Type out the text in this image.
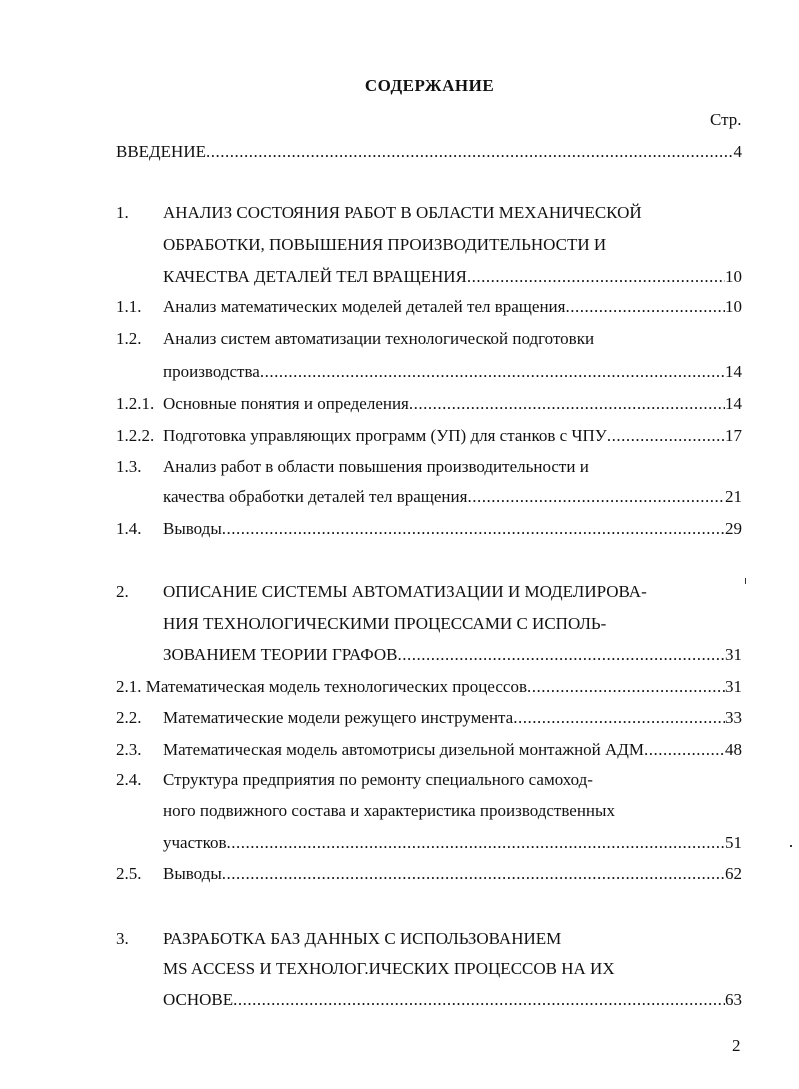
СОДЕРЖАНИЕ
Стр.
ВВЕДЕНИЕ .....	4
1. АНАЛИЗ СОСТОЯНИЯ РАБОТ В ОБЛАСТИ МЕХАНИЧЕСКОЙ
ОБРАБОТКИ, ПОВЫШЕНИЯ ПРОИЗВОДИТЕЛЬНОСТИ И
КАЧЕСТВА ДЕТАЛЕЙ ТЕЛ ВРАЩЕНИЯ .....	10
1.1. Анализ математических моделей деталей тел вращения .....	10
1.2. Анализ систем автоматизации технологической подготовки
производства .....	14
1.2.1. Основные понятия и определения .....	14
1.2.2. Подготовка управляющих программ (УП) для станков с ЧПУ .....	17
1.3. Анализ работ в области повышения производительности и
качества обработки деталей тел вращения .....	21
1.4. Выводы .....	29
2. ОПИСАНИЕ СИСТЕМЫ АВТОМАТИЗАЦИИ И МОДЕЛИРОВА-
НИЯ ТЕХНОЛОГИЧЕСКИМИ ПРОЦЕССАМИ С ИСПОЛЬ-
ЗОВАНИЕМ ТЕОРИИ ГРАФОВ .....	31
2.1. Математическая модель технологических процессов .....	31
2.2. Математические модели режущего инструмента .....	33
2.3. Математическая модель автомотрисы дизельной монтажной АДМ .....	48
2.4. Структура предприятия по ремонту специального самоход-
ного подвижного состава и характеристика производственных
участков .....	51
2.5. Выводы .....	62
3. РАЗРАБОТКА БАЗ ДАННЫХ С ИСПОЛЬЗОВАНИЕМ
MS ACCESS И ТЕХНОЛОГ.ИЧЕСКИХ ПРОЦЕССОВ НА ИХ
ОСНОВЕ .....	63
2
